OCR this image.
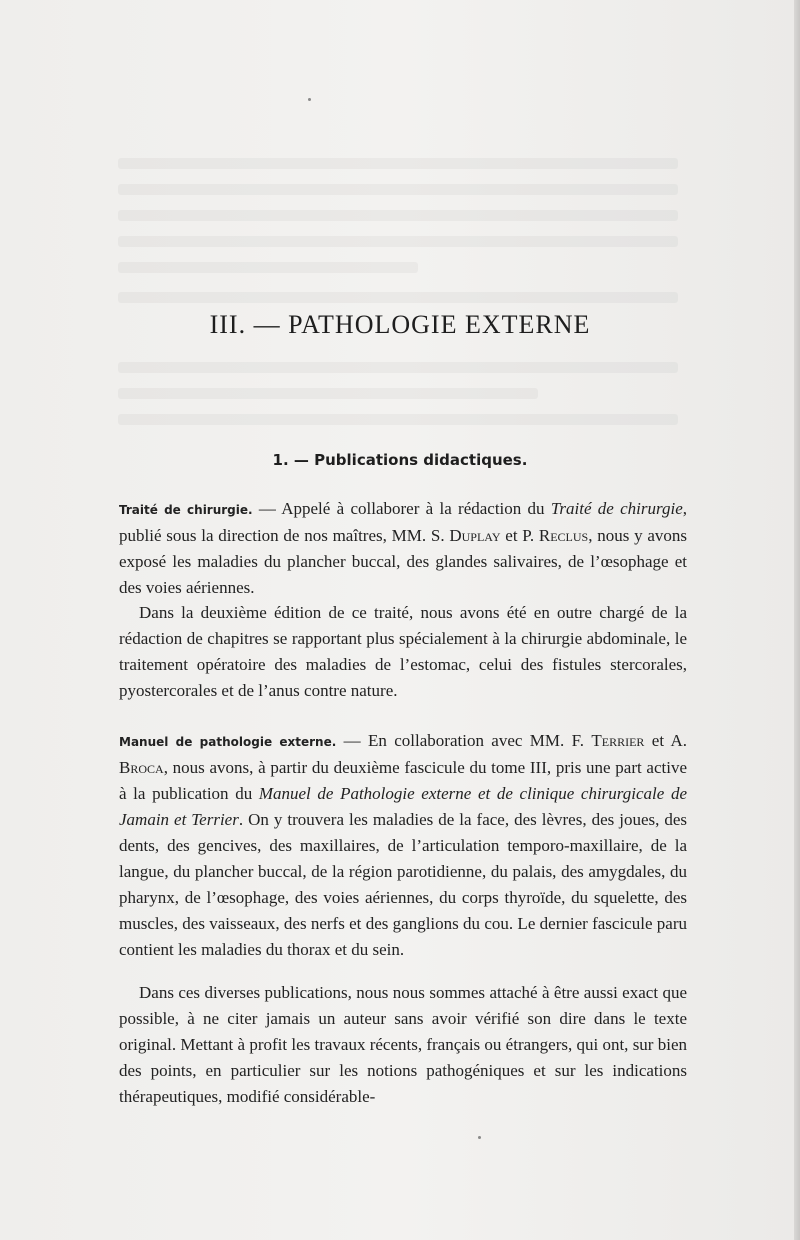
III. — PATHOLOGIE EXTERNE
1. — Publications didactiques.

Traité de chirurgie. — Appelé à collaborer à la rédaction du Traité de chirurgie, publié sous la direction de nos maîtres, MM. S. Duplay et P. Reclus, nous y avons exposé les maladies du plancher buccal, des glandes salivaires, de l’œsophage et des voies aériennes.

Dans la deuxième édition de ce traité, nous avons été en outre chargé de la rédaction de chapitres se rapportant plus spécialement à la chirurgie abdominale, le traitement opératoire des maladies de l’estomac, celui des fistules stercorales, pyostercorales et de l’anus contre nature.

Manuel de pathologie externe. — En collaboration avec MM. F. Terrier et A. Broca, nous avons, à partir du deuxième fascicule du tome III, pris une part active à la publication du Manuel de Pathologie externe et de clinique chirurgicale de Jamain et Terrier. On y trouvera les maladies de la face, des lèvres, des joues, des dents, des gencives, des maxillaires, de l’articulation temporo-maxillaire, de la langue, du plancher buccal, de la région parotidienne, du palais, des amygdales, du pharynx, de l’œsophage, des voies aériennes, du corps thyroïde, du squelette, des muscles, des vaisseaux, des nerfs et des ganglions du cou. Le dernier fascicule paru contient les maladies du thorax et du sein.

Dans ces diverses publications, nous nous sommes attaché à être aussi exact que possible, à ne citer jamais un auteur sans avoir vérifié son dire dans le texte original. Mettant à profit les travaux récents, français ou étrangers, qui ont, sur bien des points, en particulier sur les notions pathogéniques et sur les indications thérapeutiques, modifié considérable-
